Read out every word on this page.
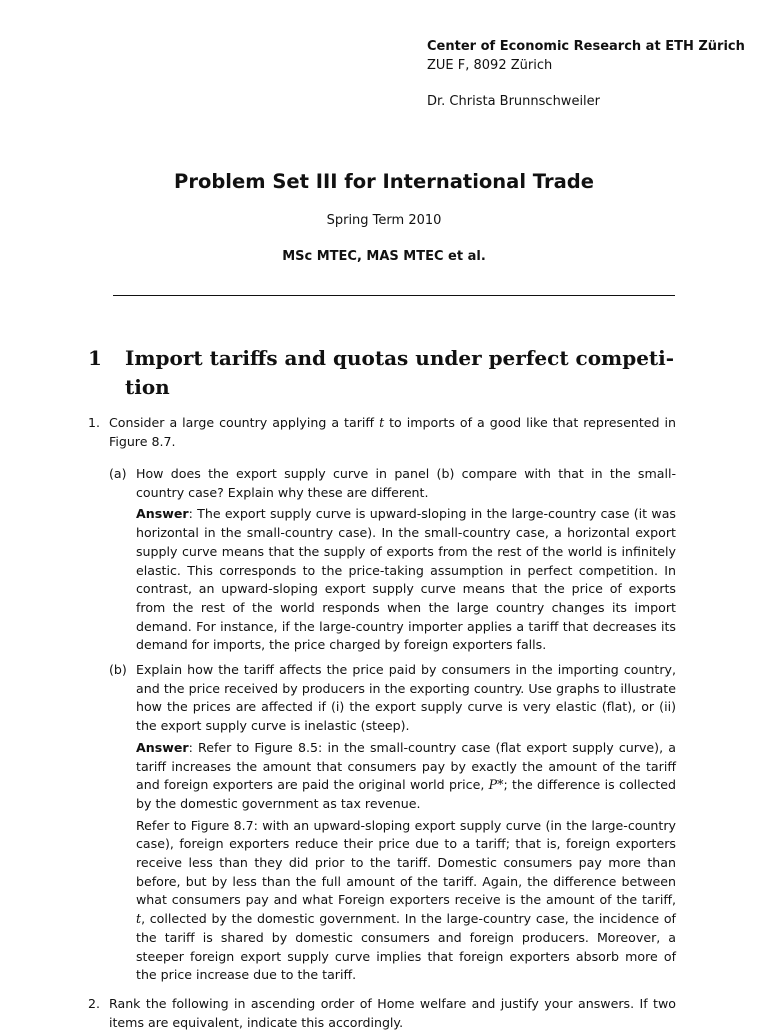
Center of Economic Research at ETH Zürich
ZUE F, 8092 Zürich
Dr. Christa Brunnschweiler
Problem Set III for International Trade
Spring Term 2010
MSc MTEC, MAS MTEC et al.
1 Import tariffs and quotas under perfect competi-
tion
1. Consider a large country applying a tariff t to imports of a good like that represented in Figure 8.7.
(a) How does the export supply curve in panel (b) compare with that in the small-country case? Explain why these are different.
Answer: The export supply curve is upward-sloping in the large-country case (it was horizontal in the small-country case). In the small-country case, a horizontal export supply curve means that the supply of exports from the rest of the world is infinitely elastic. This corresponds to the price-taking assumption in perfect competition. In contrast, an upward-sloping export supply curve means that the price of exports from the rest of the world responds when the large country changes its import demand. For instance, if the large-country importer applies a tariff that decreases its demand for imports, the price charged by foreign exporters falls.
(b) Explain how the tariff affects the price paid by consumers in the importing country, and the price received by producers in the exporting country. Use graphs to illustrate how the prices are affected if (i) the export supply curve is very elastic (flat), or (ii) the export supply curve is inelastic (steep).
Answer: Refer to Figure 8.5: in the small-country case (flat export supply curve), a tariff increases the amount that consumers pay by exactly the amount of the tariff and foreign exporters are paid the original world price, P*; the difference is collected by the domestic government as tax revenue.
Refer to Figure 8.7: with an upward-sloping export supply curve (in the large-country case), foreign exporters reduce their price due to a tariff; that is, foreign exporters receive less than they did prior to the tariff. Domestic consumers pay more than before, but by less than the full amount of the tariff. Again, the difference between what consumers pay and what Foreign exporters receive is the amount of the tariff, t, collected by the domestic government. In the large-country case, the incidence of the tariff is shared by domestic consumers and foreign producers. Moreover, a steeper foreign export supply curve implies that foreign exporters absorb more of the price increase due to the tariff.
2. Rank the following in ascending order of Home welfare and justify your answers. If two items are equivalent, indicate this accordingly.
